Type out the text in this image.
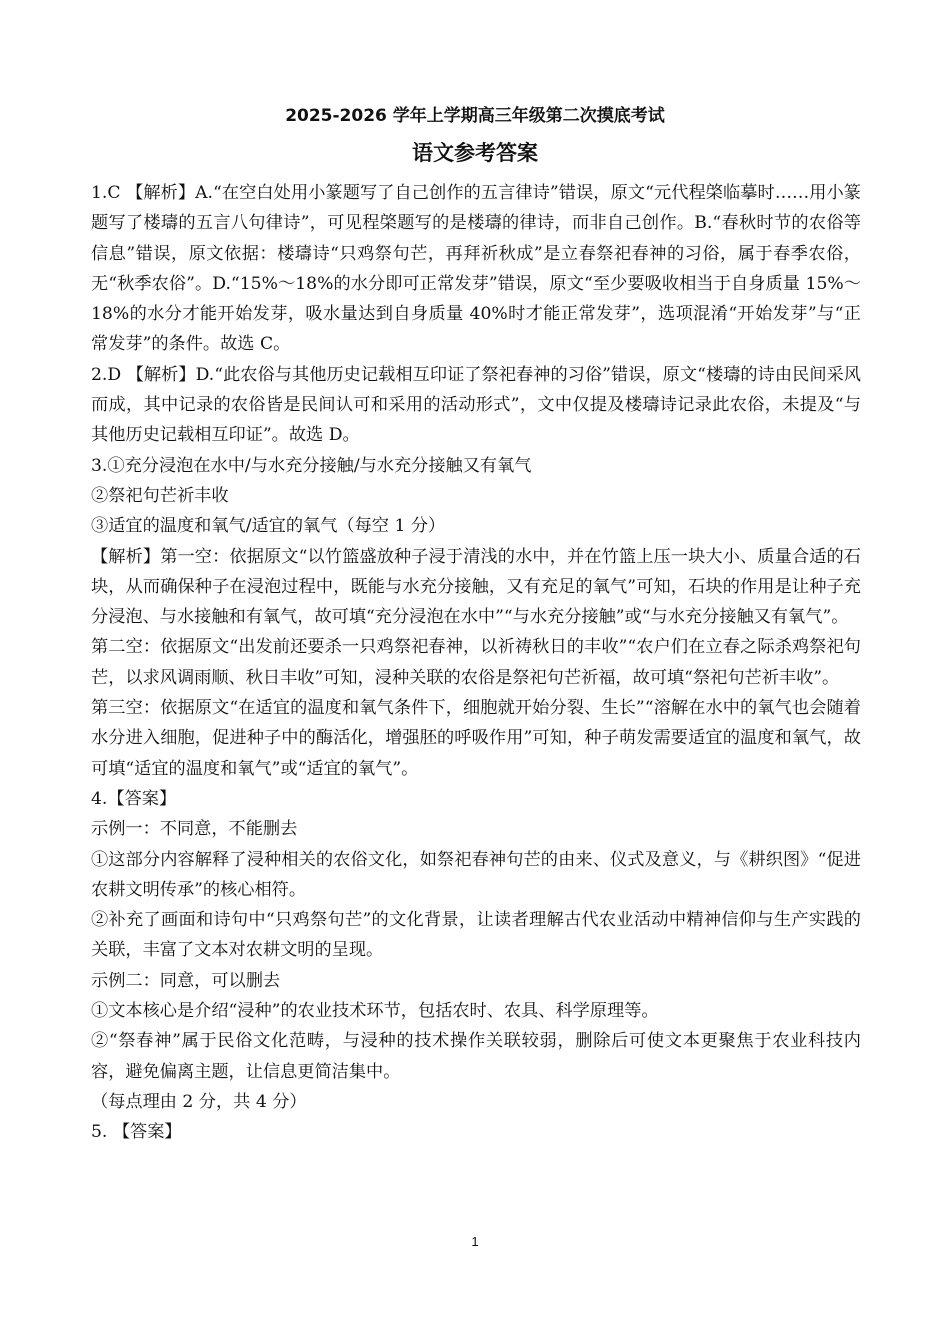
2025-2026 学年上学期高三年级第二次摸底考试
语文参考答案

1.C 【解析】A.“在空白处用小篆题写了自己创作的五言律诗”错误，原文“元代程棨临摹时……用小篆题写了楼璹的五言八句律诗”，可见程棨题写的是楼璹的律诗，而非自己创作。B.“春秋时节的农俗等信息”错误，原文依据：楼璹诗“只鸡祭句芒，再拜祈秋成”是立春祭祀春神的习俗，属于春季农俗，无“秋季农俗”。D.“15%～18%的水分即可正常发芽”错误，原文“至少要吸收相当于自身质量 15%～18%的水分才能开始发芽，吸水量达到自身质量 40%时才能正常发芽”，选项混淆“开始发芽”与“正常发芽”的条件。故选 C。

2.D 【解析】D.“此农俗与其他历史记载相互印证了祭祀春神的习俗”错误，原文“楼璹的诗由民间采风而成，其中记录的农俗皆是民间认可和采用的活动形式”，文中仅提及楼璹诗记录此农俗，未提及“与其他历史记载相互印证”。故选 D。

3.①充分浸泡在水中/与水充分接触/与水充分接触又有氧气

②祭祀句芒祈丰收

③适宜的温度和氧气/适宜的氧气（每空 1 分）

【解析】第一空：依据原文“以竹篮盛放种子浸于清浅的水中，并在竹篮上压一块大小、质量合适的石块，从而确保种子在浸泡过程中，既能与水充分接触，又有充足的氧气”可知，石块的作用是让种子充分浸泡、与水接触和有氧气，故可填“充分浸泡在水中”“与水充分接触”或“与水充分接触又有氧气”。

第二空：依据原文“出发前还要杀一只鸡祭祀春神，以祈祷秋日的丰收”“农户们在立春之际杀鸡祭祀句芒，以求风调雨顺、秋日丰收”可知，浸种关联的农俗是祭祀句芒祈福，故可填“祭祀句芒祈丰收”。

第三空：依据原文“在适宜的温度和氧气条件下，细胞就开始分裂、生长”“溶解在水中的氧气也会随着水分进入细胞，促进种子中的酶活化，增强胚的呼吸作用”可知，种子萌发需要适宜的温度和氧气，故可填“适宜的温度和氧气”或“适宜的氧气”。

4.【答案】

示例一：不同意，不能删去

①这部分内容解释了浸种相关的农俗文化，如祭祀春神句芒的由来、仪式及意义，与《耕织图》“促进农耕文明传承”的核心相符。

②补充了画面和诗句中“只鸡祭句芒”的文化背景，让读者理解古代农业活动中精神信仰与生产实践的关联，丰富了文本对农耕文明的呈现。

示例二：同意，可以删去

①文本核心是介绍“浸种”的农业技术环节，包括农时、农具、科学原理等。

②“祭春神”属于民俗文化范畴，与浸种的技术操作关联较弱，删除后可使文本更聚焦于农业科技内容，避免偏离主题，让信息更简洁集中。

（每点理由 2 分，共 4 分）

5. 【答案】

1
